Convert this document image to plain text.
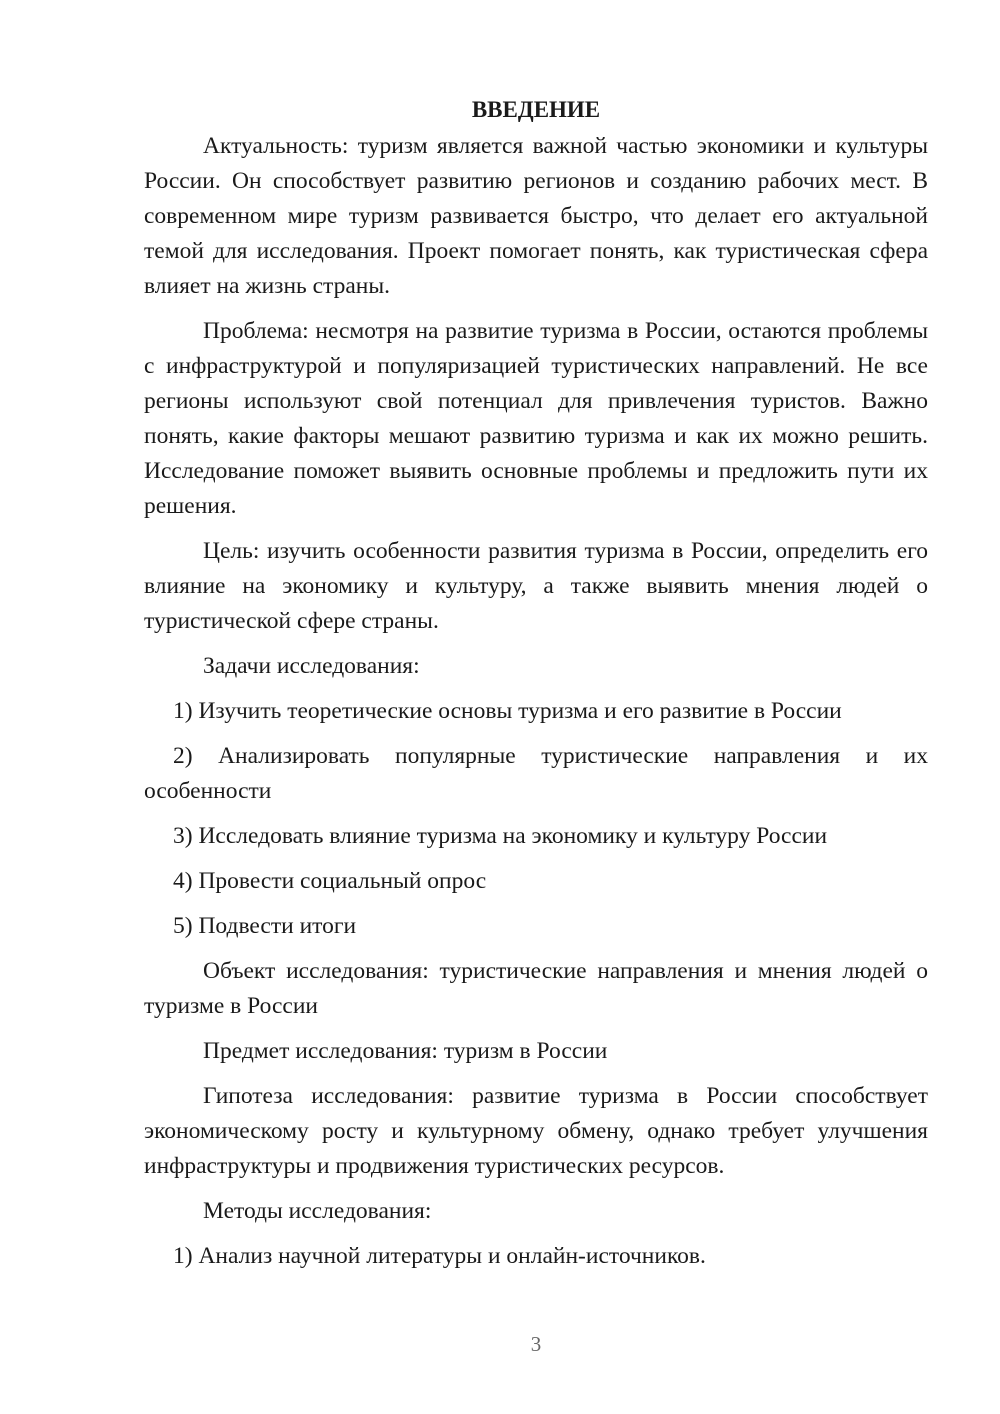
ВВЕДЕНИЕ

Актуальность: туризм является важной частью экономики и культуры России. Он способствует развитию регионов и созданию рабочих мест. В современном мире туризм развивается быстро, что делает его актуальной темой для исследования. Проект помогает понять, как туристическая сфера влияет на жизнь страны.

Проблема: несмотря на развитие туризма в России, остаются проблемы с инфраструктурой и популяризацией туристических направлений. Не все регионы используют свой потенциал для привлечения туристов. Важно понять, какие факторы мешают развитию туризма и как их можно решить. Исследование поможет выявить основные проблемы и предложить пути их решения.

Цель: изучить особенности развития туризма в России, определить его влияние на экономику и культуру, а также выявить мнения людей о туристической сфере страны.

Задачи исследования:

1) Изучить теоретические основы туризма и его развитие в России

2) Анализировать популярные туристические направления и их особенности

3) Исследовать влияние туризма на экономику и культуру России

4) Провести социальный опрос

5) Подвести итоги

Объект исследования: туристические направления и мнения людей о туризме в России

Предмет исследования: туризм в России

Гипотеза исследования: развитие туризма в России способствует экономическому росту и культурному обмену, однако требует улучшения инфраструктуры и продвижения туристических ресурсов.

Методы исследования:

1) Анализ научной литературы и онлайн-источников.

3
